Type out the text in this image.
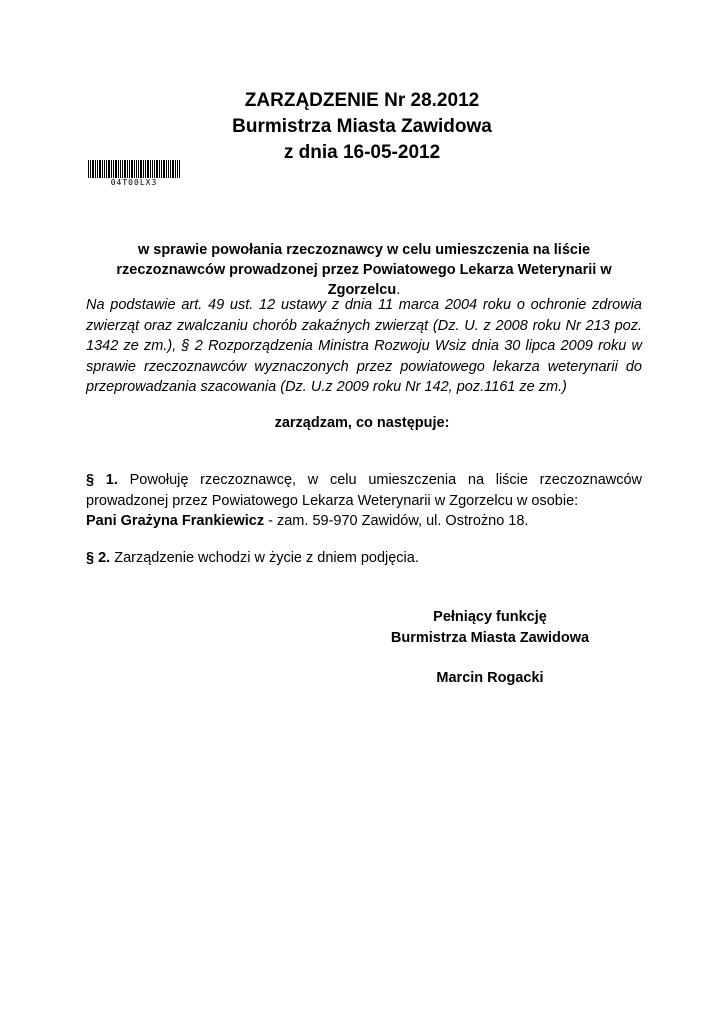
ZARZĄDZENIE Nr 28.2012
Burmistrza Miasta Zawidowa
z dnia 16-05-2012
04T00LX3
w sprawie powołania rzeczoznawcy w celu umieszczenia na liście rzeczoznawców prowadzonej przez Powiatowego Lekarza Weterynarii w Zgorzelcu.
Na podstawie art. 49 ust. 12 ustawy z dnia 11 marca 2004 roku o ochronie zdrowia zwierząt oraz zwalczaniu chorób zakaźnych zwierząt (Dz. U. z 2008 roku Nr 213 poz. 1342 ze zm.), § 2 Rozporządzenia Ministra Rozwoju Wsiz dnia 30 lipca 2009 roku w sprawie rzeczoznawców wyznaczonych przez powiatowego lekarza weterynarii do przeprowadzania szacowania (Dz. U.z 2009 roku Nr 142, poz.1161 ze zm.)
zarządzam, co następuje:
§ 1. Powołuję rzeczoznawcę, w celu umieszczenia na liście rzeczoznawców
prowadzonej przez Powiatowego Lekarza Weterynarii w Zgorzelcu w osobie:
Pani Grażyna Frankiewicz - zam. 59-970 Zawidów, ul. Ostrożno 18.
§ 2. Zarządzenie wchodzi w życie z dniem podjęcia.
Pełniący funkcję
Burmistrza Miasta Zawidowa
Marcin Rogacki
